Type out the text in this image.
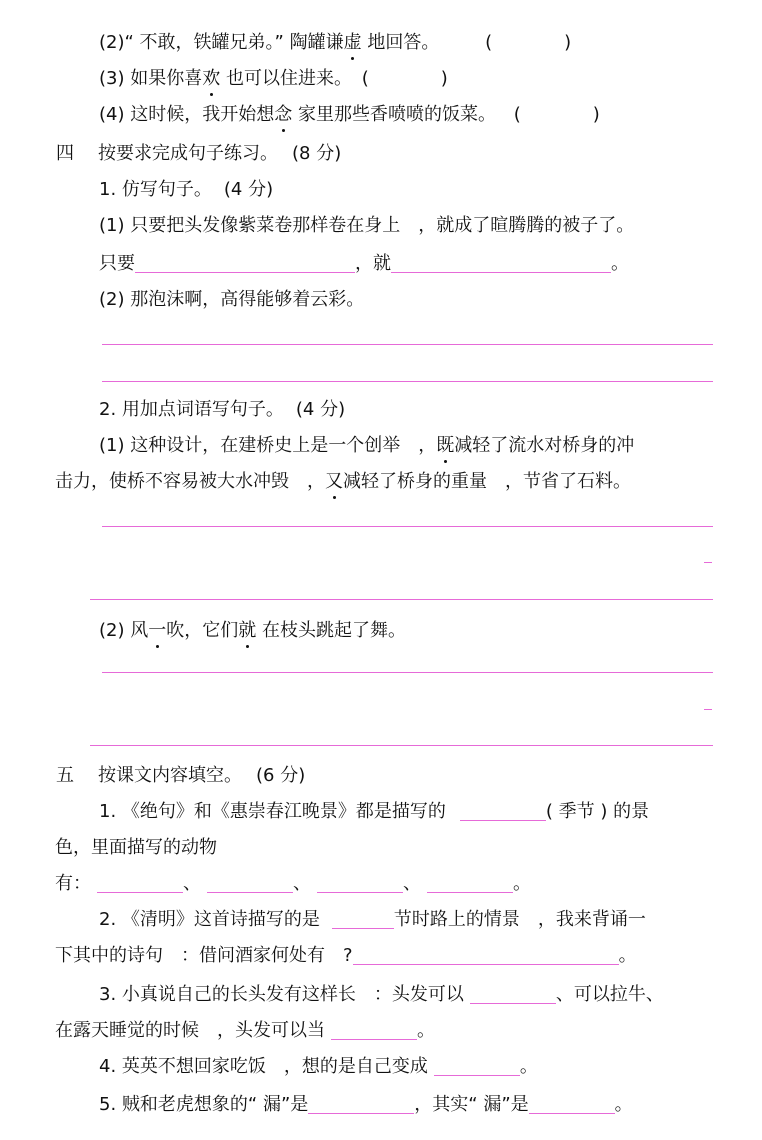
(2)“ 不敢，铁罐兄弟。” 陶罐谦虚 地回答。	(　　　　)
(3) 如果你喜欢 也可以住进来。 (　　　　)
(4) 这时候，我开始想念 家里那些香喷喷的饭菜。 (　　　　)
四 按要求完成句子练习。 (8 分)
1. 仿写句子。 (4 分)
(1) 只要把头发像紫菜卷那样卷在身上　，就成了暄腾腾的被子了。
只要	，就	。
(2) 那泡沫啊，高得能够着云彩。
2. 用加点词语写句子。 (4 分)
(1) 这种设计，在建桥史上是一个创举　，既减轻了流水对桥身的冲
击力，使桥不容易被大水冲毁　，又减轻了桥身的重量　，节省了石料。
(2) 风一吹，它们就 在枝头跳起了舞。
五 按课文内容填空。 (6 分)
1. 《绝句》和《惠崇春江晚景》都是描写的	( 季节 ) 的景
色，里面描写的动物
有：	、	、	、	。
2. 《清明》这首诗描写的是	节时路上的情景　，我来背诵一
下其中的诗句　：借问酒家何处有　?	。
3. 小真说自己的长头发有这样长　：头发可以	、可以拉牛、
在露天睡觉的时候　，头发可以当	。
4. 英英不想回家吃饭　，想的是自己变成	。
5. 贼和老虎想象的“ 漏”是	，其实“ 漏”是	。
